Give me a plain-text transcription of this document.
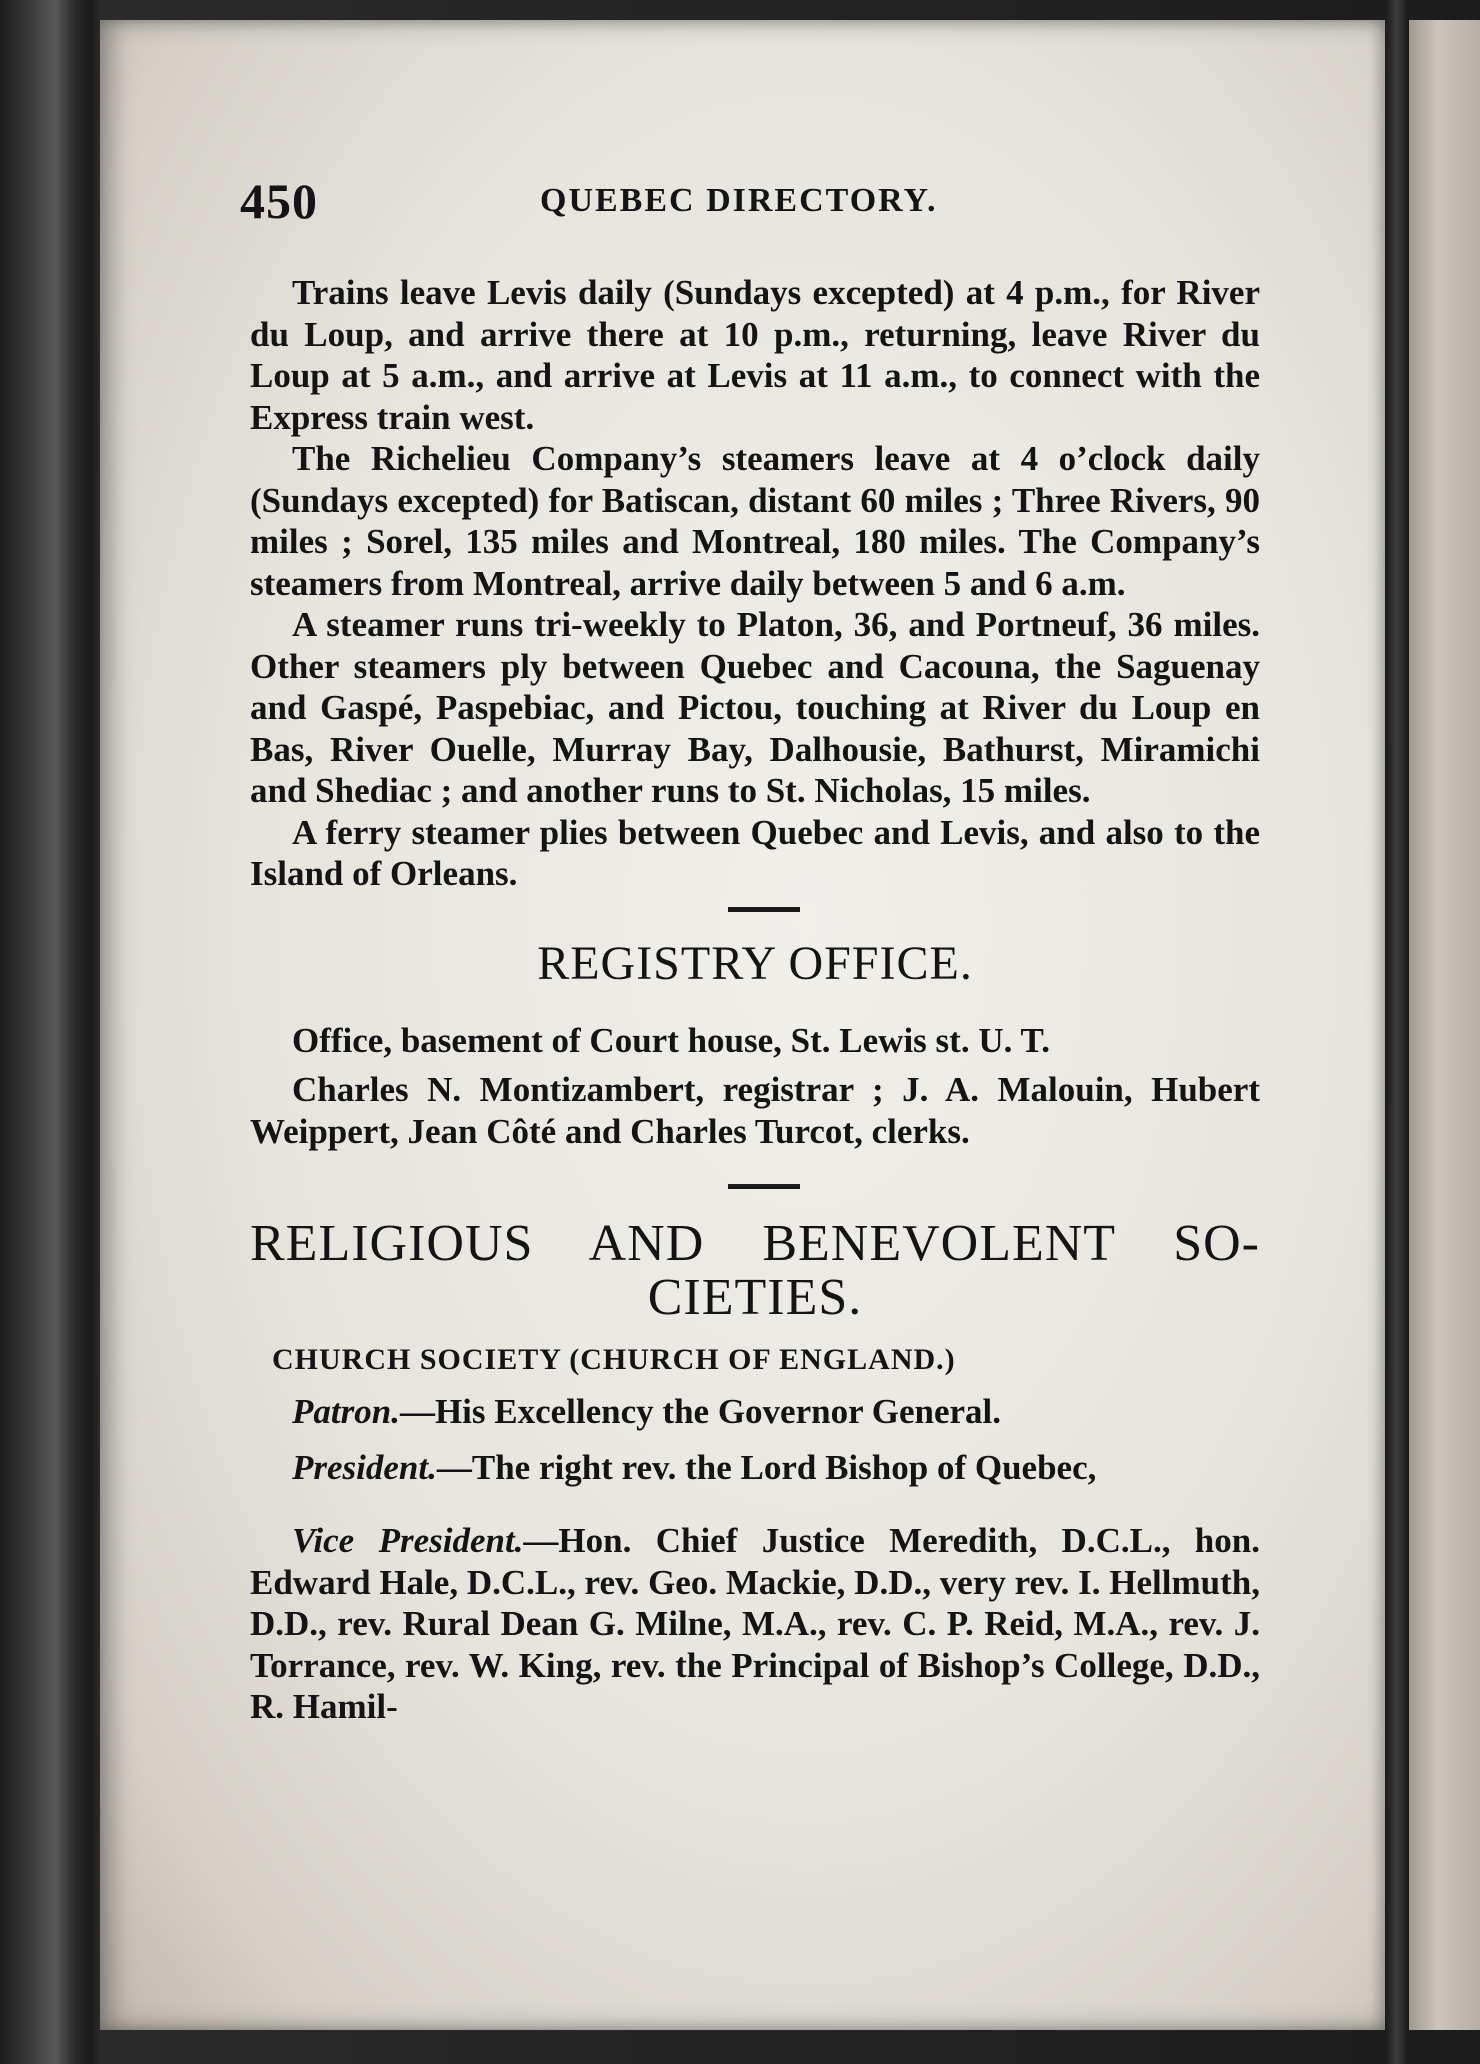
450	QUEBEC DIRECTORY.

Trains leave Levis daily (Sundays excepted) at 4 p.m., for River du Loup, and arrive there at 10 p.m., returning, leave River du Loup at 5 a.m., and arrive at Levis at 11 a.m., to connect with the Express train west.

The Richelieu Company’s steamers leave at 4 o’clock daily (Sundays excepted) for Batiscan, distant 60 miles ; Three Rivers, 90 miles ; Sorel, 135 miles and Montreal, 180 miles. The Company’s steamers from Montreal, arrive daily between 5 and 6 a.m.

A steamer runs tri-weekly to Platon, 36, and Portneuf, 36 miles. Other steamers ply between Quebec and Cacouna, the Saguenay and Gaspé, Paspebiac, and Pictou, touching at River du Loup en Bas, River Ouelle, Murray Bay, Dalhousie, Bathurst, Miramichi and Shediac ; and another runs to St. Nicholas, 15 miles.

A ferry steamer plies between Quebec and Levis, and also to the Island of Orleans.

REGISTRY OFFICE.

Office, basement of Court house, St. Lewis st. U. T.

Charles N. Montizambert, registrar ; J. A. Malouin, Hubert Weippert, Jean Côté and Charles Turcot, clerks.

RELIGIOUS AND BENEVOLENT SO- CIETIES.
CHURCH SOCIETY (CHURCH OF ENGLAND.)

Patron.—His Excellency the Governor General.

President.—The right rev. the Lord Bishop of Quebec,

Vice President.—Hon. Chief Justice Meredith, D.C.L., hon. Edward Hale, D.C.L., rev. Geo. Mackie, D.D., very rev. I. Hellmuth, D.D., rev. Rural Dean G. Milne, M.A., rev. C. P. Reid, M.A., rev. J. Torrance, rev. W. King, rev. the Principal of Bishop’s College, D.D., R. Hamil-
